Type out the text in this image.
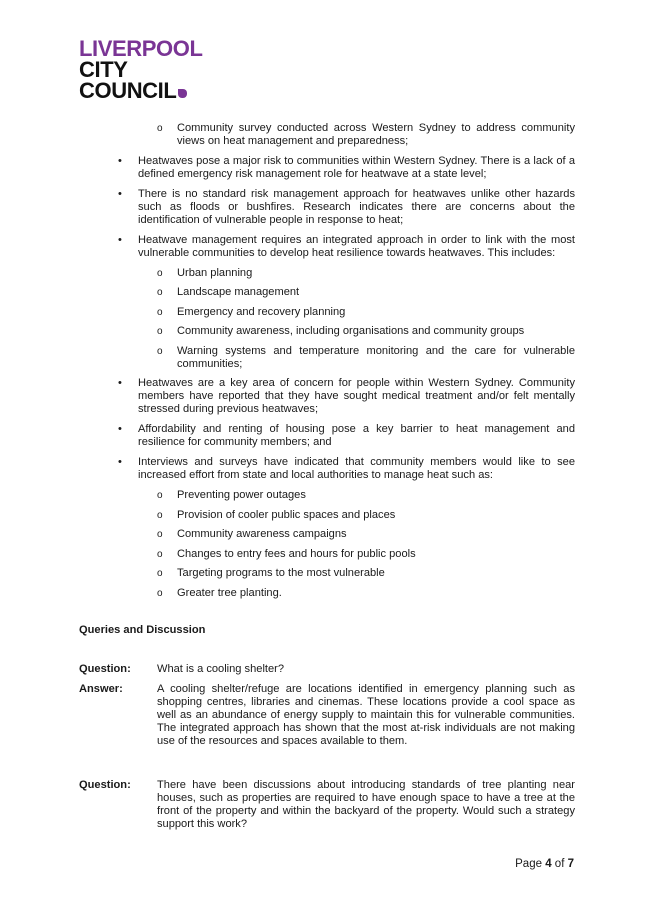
LIVERPOOL
CITY
COUNCIL
o Community survey conducted across Western Sydney to address community views on heat management and preparedness;
• Heatwaves pose a major risk to communities within Western Sydney. There is a lack of a defined emergency risk management role for heatwave at a state level;
• There is no standard risk management approach for heatwaves unlike other hazards such as floods or bushfires. Research indicates there are concerns about the identification of vulnerable people in response to heat;
• Heatwave management requires an integrated approach in order to link with the most vulnerable communities to develop heat resilience towards heatwaves. This includes:
o Urban planning
o Landscape management
o Emergency and recovery planning
o Community awareness, including organisations and community groups
o Warning systems and temperature monitoring and the care for vulnerable communities;
• Heatwaves are a key area of concern for people within Western Sydney. Community members have reported that they have sought medical treatment and/or felt mentally stressed during previous heatwaves;
• Affordability and renting of housing pose a key barrier to heat management and resilience for community members; and
• Interviews and surveys have indicated that community members would like to see increased effort from state and local authorities to manage heat such as:
o Preventing power outages
o Provision of cooler public spaces and places
o Community awareness campaigns
o Changes to entry fees and hours for public pools
o Targeting programs to the most vulnerable
o Greater tree planting.
Queries and Discussion
Question:	What is a cooling shelter?
Answer:	A cooling shelter/refuge are locations identified in emergency planning such as shopping centres, libraries and cinemas. These locations provide a cool space as well as an abundance of energy supply to maintain this for vulnerable communities. The integrated approach has shown that the most at-risk individuals are not making use of the resources and spaces available to them.
Question:	There have been discussions about introducing standards of tree planting near houses, such as properties are required to have enough space to have a tree at the front of the property and within the backyard of the property. Would such a strategy support this work?
Page 4 of 7
